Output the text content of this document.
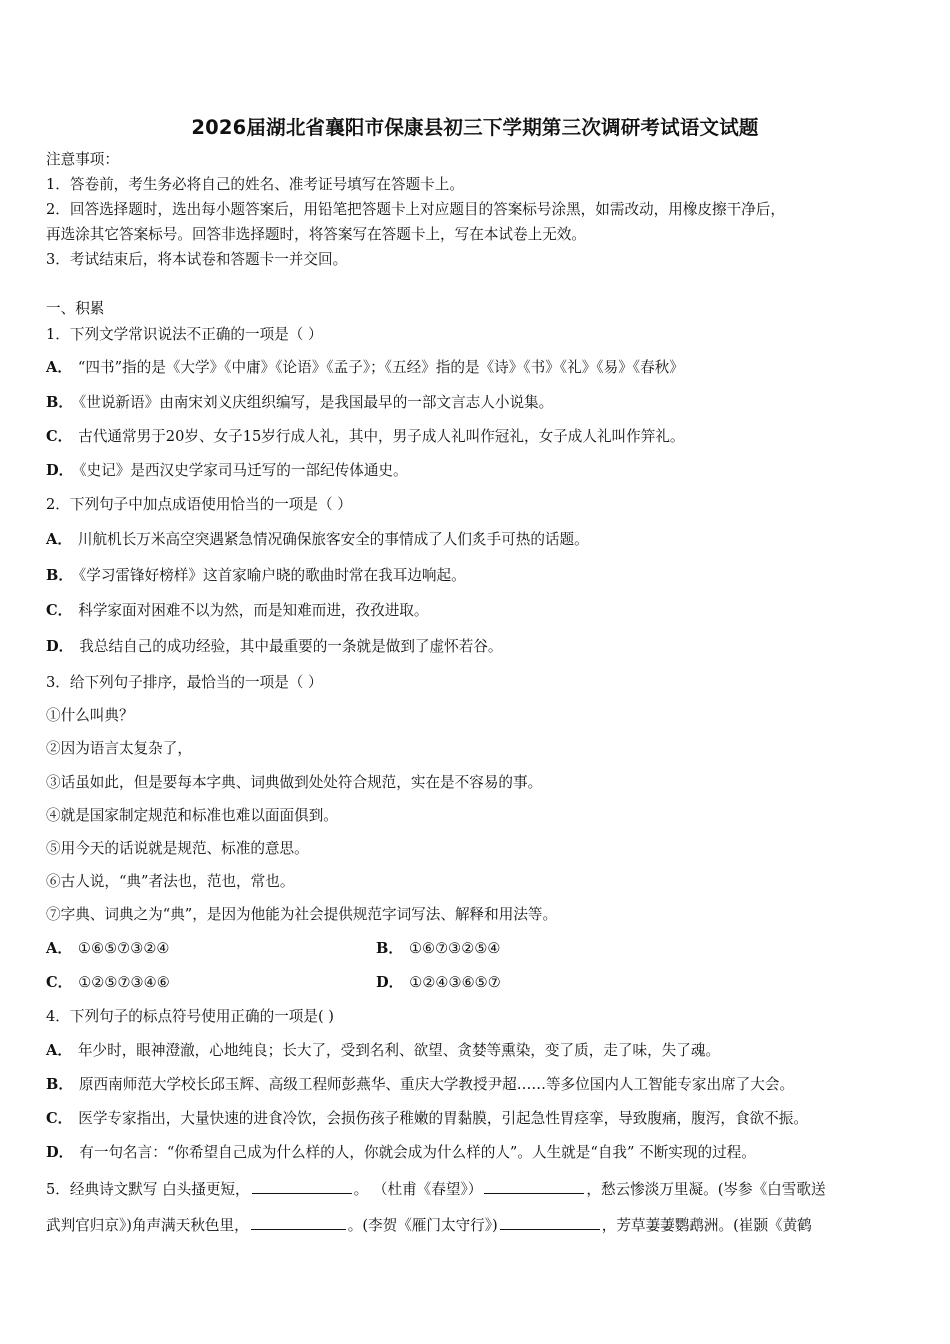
2026届湖北省襄阳市保康县初三下学期第三次调研考试语文试题
注意事项：
1．答卷前，考生务必将自己的姓名、准考证号填写在答题卡上。
2．回答选择题时，选出每小题答案后，用铅笔把答题卡上对应题目的答案标号涂黑，如需改动，用橡皮擦干净后，
再选涂其它答案标号。回答非选择题时，将答案写在答题卡上，写在本试卷上无效。
3．考试结束后，将本试卷和答题卡一并交回。
一、积累
1．下列文学常识说法不正确的一项是（ ）
A． “四书”指的是《大学》《中庸》《论语》《孟子》；《五经》指的是《诗》《书》《礼》《易》《春秋》
B． 《世说新语》由南宋刘义庆组织编写，是我国最早的一部文言志人小说集。
C． 古代通常男于20岁、女子15岁行成人礼，其中，男子成人礼叫作冠礼，女子成人礼叫作笄礼。
D． 《史记》是西汉史学家司马迁写的一部纪传体通史。
2．下列句子中加点成语使用恰当的一项是（ ）
A． 川航机长万米高空突遇紧急情况确保旅客安全的事情成了人们炙手可热的话题。
B． 《学习雷锋好榜样》这首家喻户晓的歌曲时常在我耳边响起。
C． 科学家面对困难不以为然，而是知难而进，孜孜进取。
D． 我总结自己的成功经验，其中最重要的一条就是做到了虚怀若谷。
3．给下列句子排序，最恰当的一项是（ ）
①什么叫典？
②因为语言太复杂了，
③话虽如此，但是要每本字典、词典做到处处符合规范，实在是不容易的事。
④就是国家制定规范和标准也难以面面俱到。
⑤用今天的话说就是规范、标准的意思。
⑥古人说，“典”者法也，范也，常也。
⑦字典、词典之为“典”，是因为他能为社会提供规范字词写法、解释和用法等。
A． ①⑥⑤⑦③②④	B． ①⑥⑦③②⑤④
C． ①②⑤⑦③④⑥	D． ①②④③⑥⑤⑦
4．下列句子的标点符号使用正确的一项是( )
A． 年少时，眼神澄澈，心地纯良；长大了，受到名利、欲望、贪婪等熏染，变了质，走了味，失了魂。
B． 原西南师范大学校长邱玉辉、高级工程师彭燕华、重庆大学教授尹超……等多位国内人工智能专家出席了大会。
C． 医学专家指出，大量快速的进食冷饮，会损伤孩子稚嫩的胃黏膜，引起急性胃痉挛，导致腹痛，腹泻，食欲不振。
D． 有一句名言：“你希望自己成为什么样的人，你就会成为什么样的人”。人生就是“自我” 不断实现的过程。
5．经典诗文默写 白头搔更短，	。 （杜甫《春望》）	，愁云惨淡万里凝。(岑参《白雪歌送
武判官归京》)角声满天秋色里，	。(李贺《雁门太守行》)	，芳草萋萋鹦鹉洲。(崔颢《黄鹤
